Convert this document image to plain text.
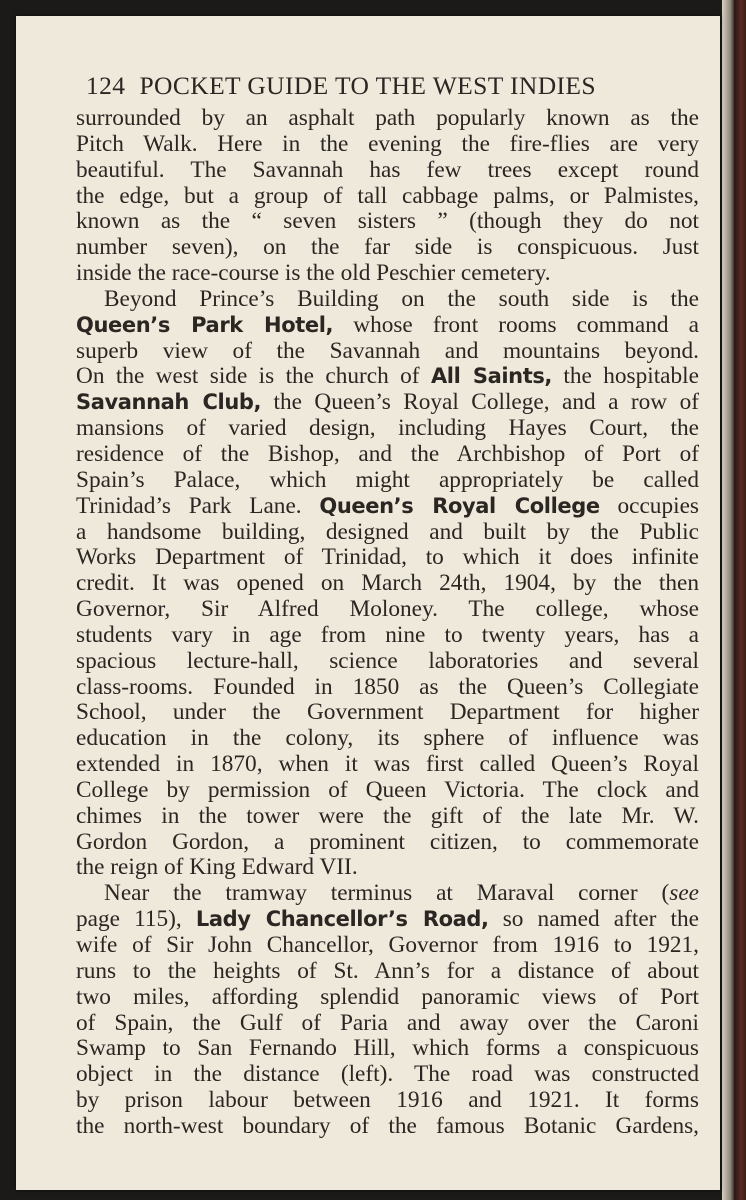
124 POCKET GUIDE TO THE WEST INDIES
surrounded by an asphalt path popularly known as the
Pitch Walk. Here in the evening the fire-flies are very
beautiful. The Savannah has few trees except round
the edge, but a group of tall cabbage palms, or Palmistes,
known as the “ seven sisters ” (though they do not
number seven), on the far side is conspicuous. Just
inside the race-course is the old Peschier cemetery.
Beyond Prince’s Building on the south side is the
Queen’s Park Hotel, whose front rooms command a
superb view of the Savannah and mountains beyond.
On the west side is the church of All Saints, the hospitable
Savannah Club, the Queen’s Royal College, and a row of
mansions of varied design, including Hayes Court, the
residence of the Bishop, and the Archbishop of Port of
Spain’s Palace, which might appropriately be called
Trinidad’s Park Lane. Queen’s Royal College occupies
a handsome building, designed and built by the Public
Works Department of Trinidad, to which it does infinite
credit. It was opened on March 24th, 1904, by the then
Governor, Sir Alfred Moloney. The college, whose
students vary in age from nine to twenty years, has a
spacious lecture-hall, science laboratories and several
class-rooms. Founded in 1850 as the Queen’s Collegiate
School, under the Government Department for higher
education in the colony, its sphere of influence was
extended in 1870, when it was first called Queen’s Royal
College by permission of Queen Victoria. The clock and
chimes in the tower were the gift of the late Mr. W.
Gordon Gordon, a prominent citizen, to commemorate
the reign of King Edward VII.
Near the tramway terminus at Maraval corner (see
page 115), Lady Chancellor’s Road, so named after the
wife of Sir John Chancellor, Governor from 1916 to 1921,
runs to the heights of St. Ann’s for a distance of about
two miles, affording splendid panoramic views of Port
of Spain, the Gulf of Paria and away over the Caroni
Swamp to San Fernando Hill, which forms a conspicuous
object in the distance (left). The road was constructed
by prison labour between 1916 and 1921. It forms
the north-west boundary of the famous Botanic Gardens,
